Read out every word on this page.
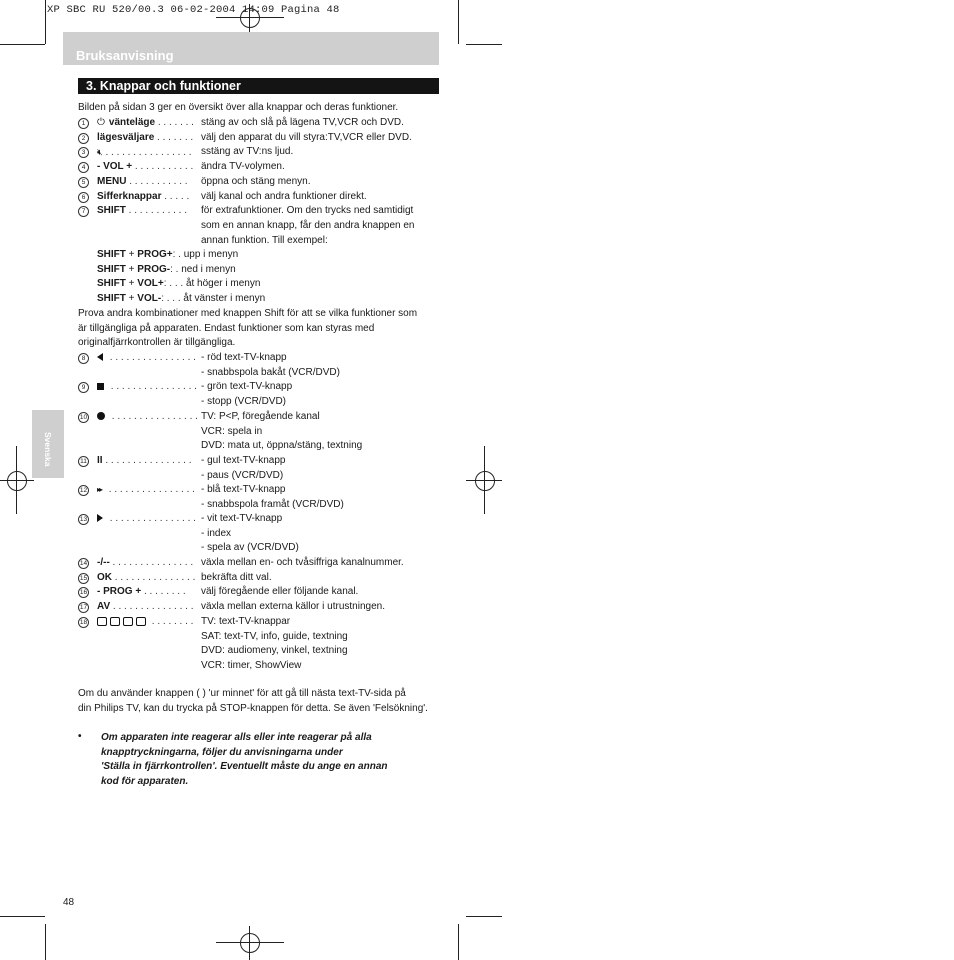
XP SBC RU 520/00.3 06-02-2004 14:09 Pagina 48
Bruksanvisning
3. Knappar och funktioner
Bilden på sidan 3 ger en översikt över alla knappar och deras funktioner.
1	⏻ vänteläge . . . . . . . stäng av och slå på lägena TV,VCR och DVD.
2	lägesväljare . . . . . . . välj den apparat du vill styra:TV,VCR eller DVD.
3	🔇︎ . . . . . . . . . . . . . . . . sstäng av TV:ns ljud.
4	- VOL + . . . . . . . . . . . ändra TV-volymen.
5	MENU . . . . . . . . . . . öppna och stäng menyn.
6	Sifferknappar . . . . . välj kanal och andra funktioner direkt.
7	SHIFT . . . . . . . . . . . för extrafunktioner. Om den trycks ned samtidigt
som en annan knapp, får den andra knappen en
annan funktion. Till exempel:
SHIFT + PROG+: . upp i menyn
SHIFT + PROG-: . ned i menyn
SHIFT + VOL+: . . . åt höger i menyn
SHIFT + VOL-: . . . åt vänster i menyn
Prova andra kombinationer med knappen Shift för att se vilka funktioner som
är tillgängliga på apparaten. Endast funktioner som kan styras med
originalfjärrkontrollen är tillgängliga.
8	. . . . . . . . . . . . . . . . - röd text-TV-knapp
- snabbspola bakåt (VCR/DVD)
9	. . . . . . . . . . . . . . . . - grön text-TV-knapp
- stopp (VCR/DVD)
10	. . . . . . . . . . . . . . . . TV: P<P, föregående kanal
VCR: spela in
DVD: mata ut, öppna/stäng, textning
11 II . . . . . . . . . . . . . . . . - gul text-TV-knapp
- paus (VCR/DVD)
12 ▸▸ . . . . . . . . . . . . . . . . - blå text-TV-knapp
- snabbspola framåt (VCR/DVD)
13	. . . . . . . . . . . . . . . . - vit text-TV-knapp
- index
- spela av (VCR/DVD)
14 -/-- . . . . . . . . . . . . . . . växla mellan en- och tvåsiffriga kanalnummer.
15 OK . . . . . . . . . . . . . . . bekräfta ditt val.
16 - PROG + . . . . . . . . välj föregående eller följande kanal.
17 AV . . . . . . . . . . . . . . . växla mellan externa källor i utrustningen.
18	. . . . . . . . TV: text-TV-knappar
SAT: text-TV, info, guide, textning
DVD: audiomeny, vinkel, textning
VCR: timer, ShowView
Om du använder knappen ( ) 'ur minnet' för att gå till nästa text-TV-sida på
din Philips TV, kan du trycka på STOP-knappen för detta. Se även 'Felsökning'.
• Om apparaten inte reagerar alls eller inte reagerar på alla
knapptryckningarna, följer du anvisningarna under
'Ställa in fjärrkontrollen'. Eventuellt måste du ange en annan
kod för apparaten.
Svenska
48
